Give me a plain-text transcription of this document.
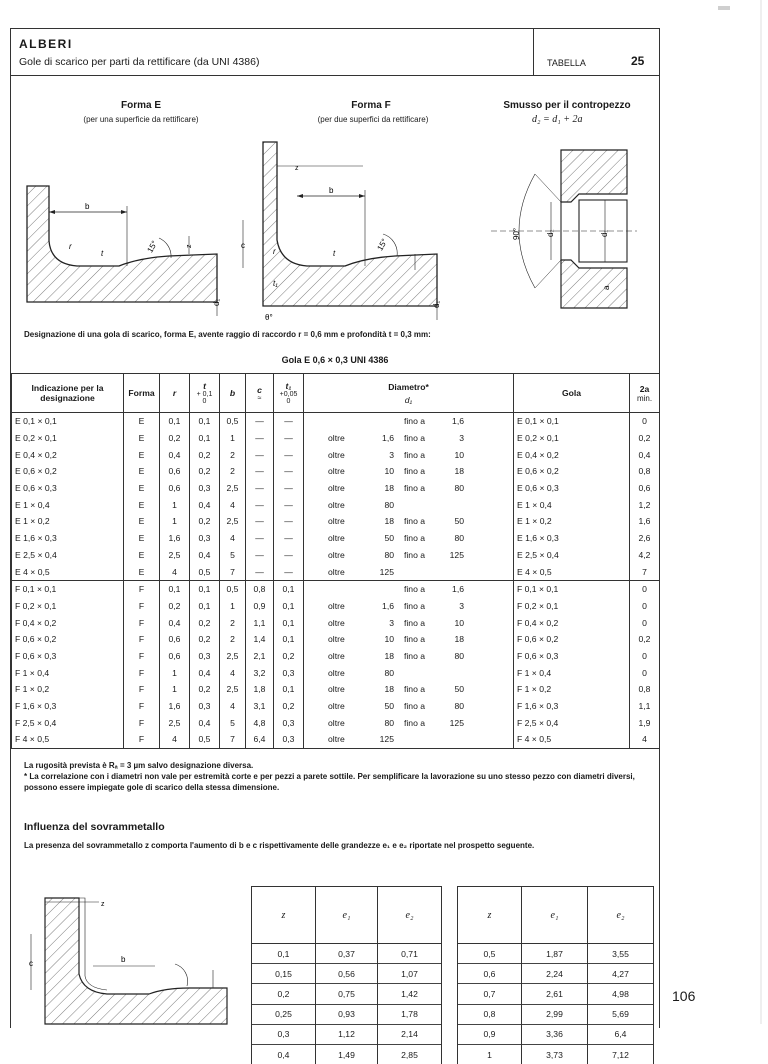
ALBERI
Gole di scarico per parti da rettificare (da UNI 4386)	TABELLA	25
Forma E
(per una superficie da rettificare)
Forma F
(per due superfici da rettificare)
Smusso per il contropezzo
d₂ = d₁ + 2a
b
r
t	15°	z
d₁
b
c
z
r	t
t₁
15°
d₁
θ°
90°	d₂	d₁
a
Designazione di una gola di scarico, forma E, avente raggio di raccordo r = 0,6 mm e profondità t = 0,3 mm:
Gola E 0,6 × 0,3 UNI 4386
Indicazione per la designazione	Forma	r	t
+ 0,1
0	b	c
≈	t₁
+0,05
0	Diametro*
d₁	Gola	2a
min.

E 0,1 × 0,1	E	0,1	0,1	0,5	—	—	fino a 1,6	E 0,1 × 0,1	0
E 0,2 × 0,1	E	0,2	0,1	1	—	—	oltre 1,6 fino a 3	E 0,2 × 0,1	0,2
E 0,4 × 0,2	E	0,4	0,2	2	—	—	oltre 3 fino a 10	E 0,4 × 0,2	0,4
E 0,6 × 0,2	E	0,6	0,2	2	—	—	oltre 10 fino a 18	E 0,6 × 0,2	0,8
E 0,6 × 0,3	E	0,6	0,3	2,5	—	—	oltre 18 fino a 80	E 0,6 × 0,3	0,6
E 1 × 0,4	E	1	0,4	4	—	—	oltre 80	E 1 × 0,4	1,2
E 1 × 0,2	E	1	0,2	2,5	—	—	oltre 18 fino a 50	E 1 × 0,2	1,6
E 1,6 × 0,3	E	1,6	0,3	4	—	—	oltre 50 fino a 80	E 1,6 × 0,3	2,6
E 2,5 × 0,4	E	2,5	0,4	5	—	—	oltre 80 fino a 125	E 2,5 × 0,4	4,2
E 4 × 0,5	E	4	0,5	7	—	—	oltre 125	E 4 × 0,5	7
F 0,1 × 0,1	F	0,1	0,1	0,5	0,8	0,1	fino a 1,6	F 0,1 × 0,1	0
F 0,2 × 0,1	F	0,2	0,1	1	0,9	0,1	oltre 1,6 fino a 3	F 0,2 × 0,1	0
F 0,4 × 0,2	F	0,4	0,2	2	1,1	0,1	oltre 3 fino a 10	F 0,4 × 0,2	0
F 0,6 × 0,2	F	0,6	0,2	2	1,4	0,1	oltre 10 fino a 18	F 0,6 × 0,2	0,2
F 0,6 × 0,3	F	0,6	0,3	2,5	2,1	0,2	oltre 18 fino a 80	F 0,6 × 0,3	0
F 1 × 0,4	F	1	0,4	4	3,2	0,3	oltre 80	F 1 × 0,4	0
F 1 × 0,2	F	1	0,2	2,5	1,8	0,1	oltre 18 fino a 50	F 1 × 0,2	0,8
F 1,6 × 0,3	F	1,6	0,3	4	3,1	0,2	oltre 50 fino a 80	F 1,6 × 0,3	1,1
F 2,5 × 0,4	F	2,5	0,4	5	4,8	0,3	oltre 80 fino a 125	F 2,5 × 0,4	1,9
F 4 × 0,5	F	4	0,5	7	6,4	0,3	oltre 125	F 4 × 0,5	4
La rugosità prevista è Rₐ = 3 µm salvo designazione diversa.
* La correlazione con i diametri non vale per estremità corte e per pezzi a parete sottile. Per semplificare la lavorazione su uno stesso pezzo con diametri diversi, possono essere impiegate gole di scarico della stessa dimensione.
Influenza del sovrammetallo
La presenza del sovrammetallo z comporta l'aumento di b e c rispettivamente delle grandezze e₁ e e₂ riportate nel prospetto seguente.
z
c	b
z	e₁	e₂
0,1	0,37	0,71
0,15	0,56	1,07
0,2	0,75	1,42
0,25	0,93	1,78
0,3	1,12	2,14
0,4	1,49	2,85
z	e₁	e₂
0,5	1,87	3,55
0,6	2,24	4,27
0,7	2,61	4,98
0,8	2,99	5,69
0,9	3,36	6,4
1	3,73	7,12
106
